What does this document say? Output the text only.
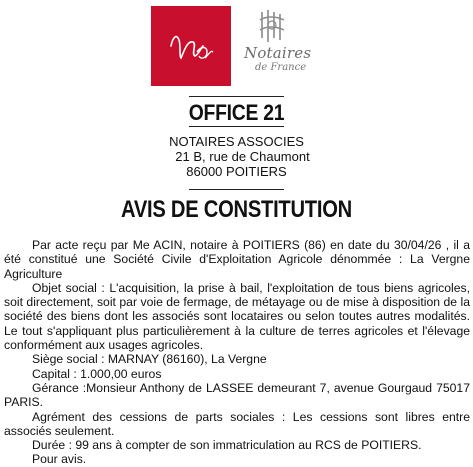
Notaires
de France
OFFICE 21
NOTAIRES ASSOCIES
21 B, rue de Chaumont
86000 POITIERS
AVIS DE CONSTITUTION

Par acte reçu par Me ACIN, notaire à POITIERS (86) en date du 30/04/26 , il a été constitué une Société Civile d'Exploitation Agricole dénommée : La Vergne Agriculture

Objet social : L'acquisition, la prise à bail, l'exploitation de tous biens agricoles, soit directement, soit par voie de fermage, de métayage ou de mise à disposition de la société des biens dont les associés sont locataires ou selon toutes autres modalités. Le tout s'appliquant plus particulièrement à la culture de terres agricoles et l'élevage conformément aux usages agricoles.

Siège social : MARNAY (86160), La Vergne

Capital : 1.000,00 euros

Gérance :Monsieur Anthony de LASSEE demeurant 7, avenue Gourgaud 75017 PARIS.

Agrément des cessions de parts sociales : Les cessions sont libres entre associés seulement.

Durée : 99 ans à compter de son immatriculation au RCS de POITIERS.

Pour avis.
